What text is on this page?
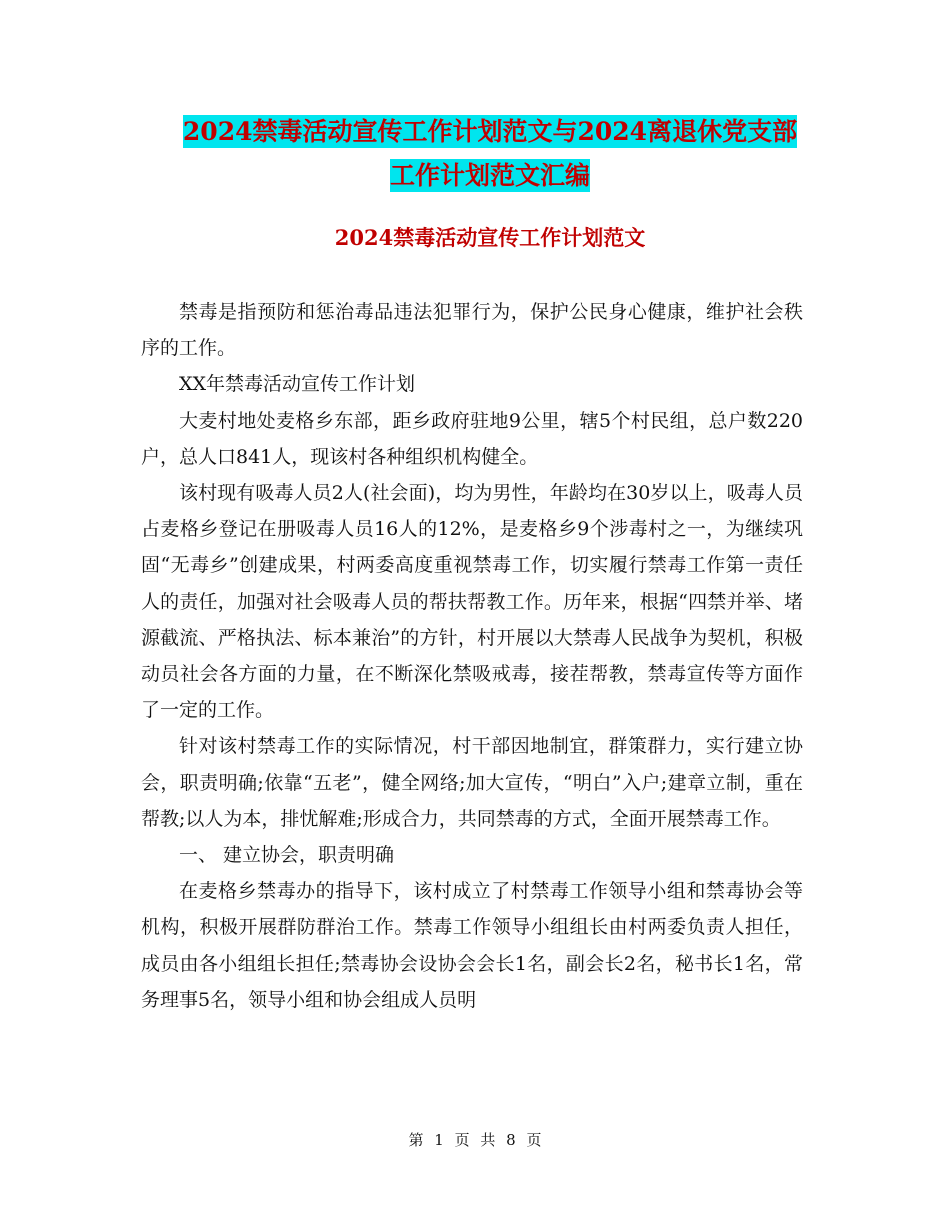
2024禁毒活动宣传工作计划范文与2024离退休党支部
工作计划范文汇编
2024禁毒活动宣传工作计划范文

禁毒是指预防和惩治毒品违法犯罪行为，保护公民身心健康，维护社会秩序的工作。

XX年禁毒活动宣传工作计划

大麦村地处麦格乡东部，距乡政府驻地9公里，辖5个村民组，总户数220户，总人口841人，现该村各种组织机构健全。

该村现有吸毒人员2人(社会面)，均为男性，年龄均在30岁以上，吸毒人员占麦格乡登记在册吸毒人员16人的12%，是麦格乡9个涉毒村之一，为继续巩固“无毒乡”创建成果，村两委高度重视禁毒工作，切实履行禁毒工作第一责任人的责任，加强对社会吸毒人员的帮扶帮教工作。历年来，根据“四禁并举、堵源截流、严格执法、标本兼治”的方针，村开展以大禁毒人民战争为契机，积极动员社会各方面的力量，在不断深化禁吸戒毒，接茬帮教，禁毒宣传等方面作了一定的工作。

针对该村禁毒工作的实际情况，村干部因地制宜，群策群力，实行建立协会，职责明确;依靠“五老”，健全网络;加大宣传，“明白”入户;建章立制，重在帮教;以人为本，排忧解难;形成合力，共同禁毒的方式，全面开展禁毒工作。

一、 建立协会，职责明确

在麦格乡禁毒办的指导下，该村成立了村禁毒工作领导小组和禁毒协会等机构，积极开展群防群治工作。禁毒工作领导小组组长由村两委负责人担任，成员由各小组组长担任;禁毒协会设协会会长1名，副会长2名，秘书长1名，常务理事5名，领导小组和协会组成人员明

第 1 页 共 8 页
